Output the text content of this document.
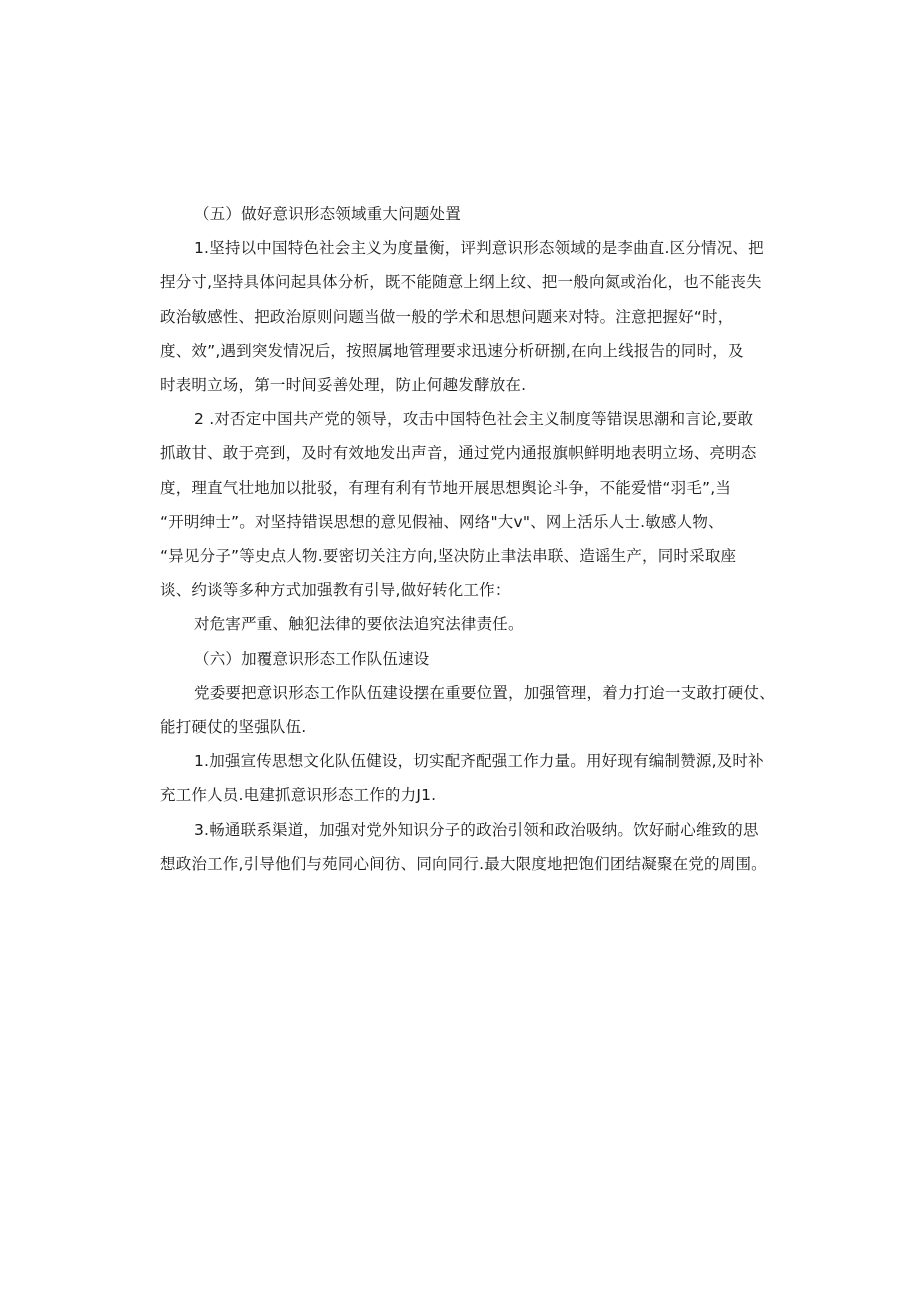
（五）做好意识形态领域重大问题处置

1.坚持以中国特色社会主义为度量衡，评判意识形态领域的是李曲直.区分情况、把
捏分寸,坚持具体问起具体分析，既不能随意上纲上纹、把一般向氮或治化，也不能丧失
政治敏感性、把政治原则问题当做一般的学术和思想问题来对特。注意把握好“时，
度、效”,遇到突发情况后，按照属地管理要求迅速分析研捌,在向上线报告的同时，及
时表明立场，第一时间妥善处理，防止何趣发酵放在.

2 .对否定中国共产党的领导，攻击中国特色社会主义制度等错误思潮和言论,要敢
抓敢甘、敢于亮到，及时有效地发出声音，通过党内通报旗帜鲜明地表明立场、亮明态
度，理直气壮地加以批驳，有理有利有节地开展思想舆论斗争，不能爱惜“羽毛”,当
“开明绅士”。对坚持错误思想的意见假袖、网络"大v"、网上活乐人士.敏感人物、
“异见分子”等史点人物.要密切关注方向,坚决防止聿法串联、造谣生产，同时采取座
谈、约谈等多种方式加强教有引导,做好转化工作：

对危害严重、触犯法律的要依法追究法律责任。

（六）加覆意识形态工作队伍速设

党委要把意识形态工作队伍建设摆在重要位置，加强管理，着力打迨一支敢打硬仗、
能打硬仗的坚强队伍.

1.加强宣传思想文化队伍健设，切实配齐配强工作力量。用好现有编制赞源,及时补
充工作人员.电建抓意识形态工作的力J1.

3.畅通联系渠道，加强对党外知识分子的政治引领和政治吸纳。饮好耐心维致的思
想政治工作,引导他们与苑同心间彷、同向同行.最大限度地把饱们团结凝聚在党的周围。
